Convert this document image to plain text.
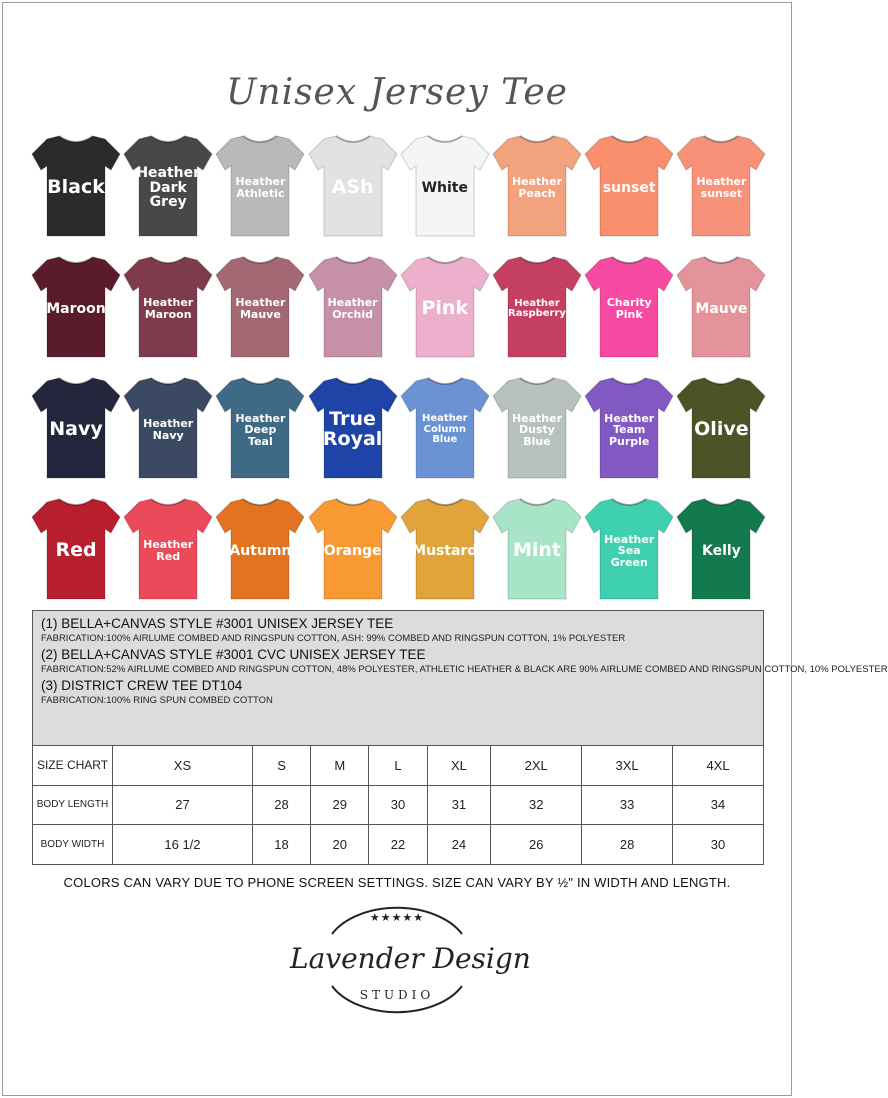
Unisex Jersey Tee
Black
Heather Dark Grey
Heather Athletic	ASh	White	Heather Peach	sunset	Heather sunset
Maroon	Heather Maroon
Heather Mauve
Heather Orchid	Pink	Heather Raspberry
Charity Pink	Mauve
Navy	Heather Navy
Heather Deep Teal
True Royal
Heather Column Blue
Heather Dusty Blue
Heather Team Purple
Olive
Red	Heather Red	Autumn Orange Mustard	Mint	Heather Sea Green
Kelly
(1) BELLA+CANVAS STYLE #3001 UNISEX JERSEY TEE
FABRICATION:100% AIRLUME COMBED AND RINGSPUN COTTON, ASH: 99% COMBED AND RINGSPUN COTTON, 1% POLYESTER
(2) BELLA+CANVAS STYLE #3001 CVC UNISEX JERSEY TEE
FABRICATION:52% AIRLUME COMBED AND RINGSPUN COTTON, 48% POLYESTER, ATHLETIC HEATHER & BLACK ARE 90% AIRLUME COMBED AND RINGSPUN COTTON, 10% POLYESTER
(3) DISTRICT CREW TEE DT104
FABRICATION:100% RING SPUN COMBED COTTON
SIZE CHART	XS	S	M	L	XL	2XL	3XL	4XL
BODY LENGTH	27	28	29	30	31	32	33	34
BODY WIDTH	16 1/2	18	20	22	24	26	28	30
COLORS CAN VARY DUE TO PHONE SCREEN SETTINGS. SIZE CAN VARY BY ½" IN WIDTH AND LENGTH.
★★★★★
Lavender Design
STUDIO
